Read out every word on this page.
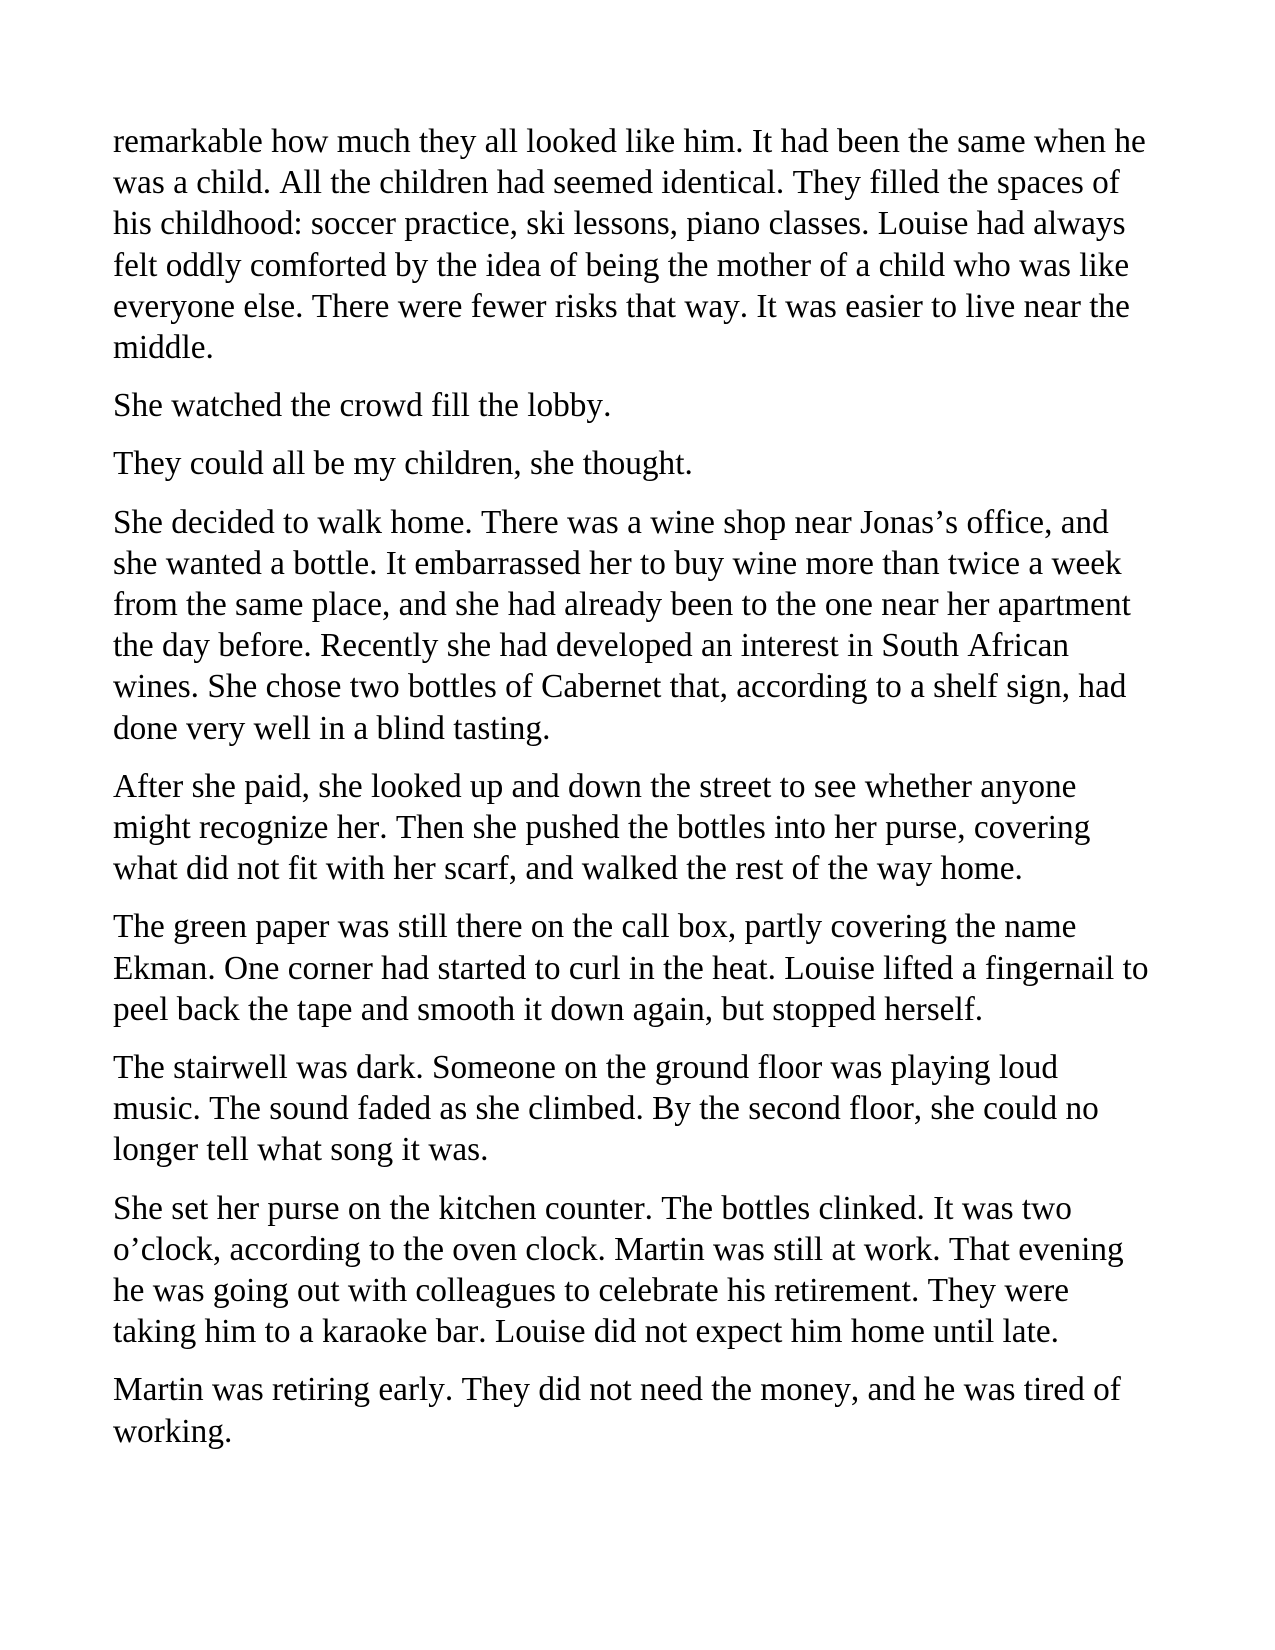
remarkable how much they all looked like him. It had been the same when he was a child. All the children had seemed identical. They filled the spaces of his childhood: soccer practice, ski lessons, piano classes. Louise had always felt oddly comforted by the idea of being the mother of a child who was like everyone else. There were fewer risks that way. It was easier to live near the middle.

She watched the crowd fill the lobby.

They could all be my children, she thought.

She decided to walk home. There was a wine shop near Jonas’s office, and she wanted a bottle. It embarrassed her to buy wine more than twice a week from the same place, and she had already been to the one near her apartment the day before. Recently she had developed an interest in South African wines. She chose two bottles of Cabernet that, according to a shelf sign, had done very well in a blind tasting.

After she paid, she looked up and down the street to see whether anyone might recognize her. Then she pushed the bottles into her purse, covering what did not fit with her scarf, and walked the rest of the way home.

The green paper was still there on the call box, partly covering the name Ekman. One corner had started to curl in the heat. Louise lifted a fingernail to peel back the tape and smooth it down again, but stopped herself.

The stairwell was dark. Someone on the ground floor was playing loud music. The sound faded as she climbed. By the second floor, she could no longer tell what song it was.

She set her purse on the kitchen counter. The bottles clinked. It was two o’clock, according to the oven clock. Martin was still at work. That evening he was going out with colleagues to celebrate his retirement. They were taking him to a karaoke bar. Louise did not expect him home until late.

Martin was retiring early. They did not need the money, and he was tired of working.
